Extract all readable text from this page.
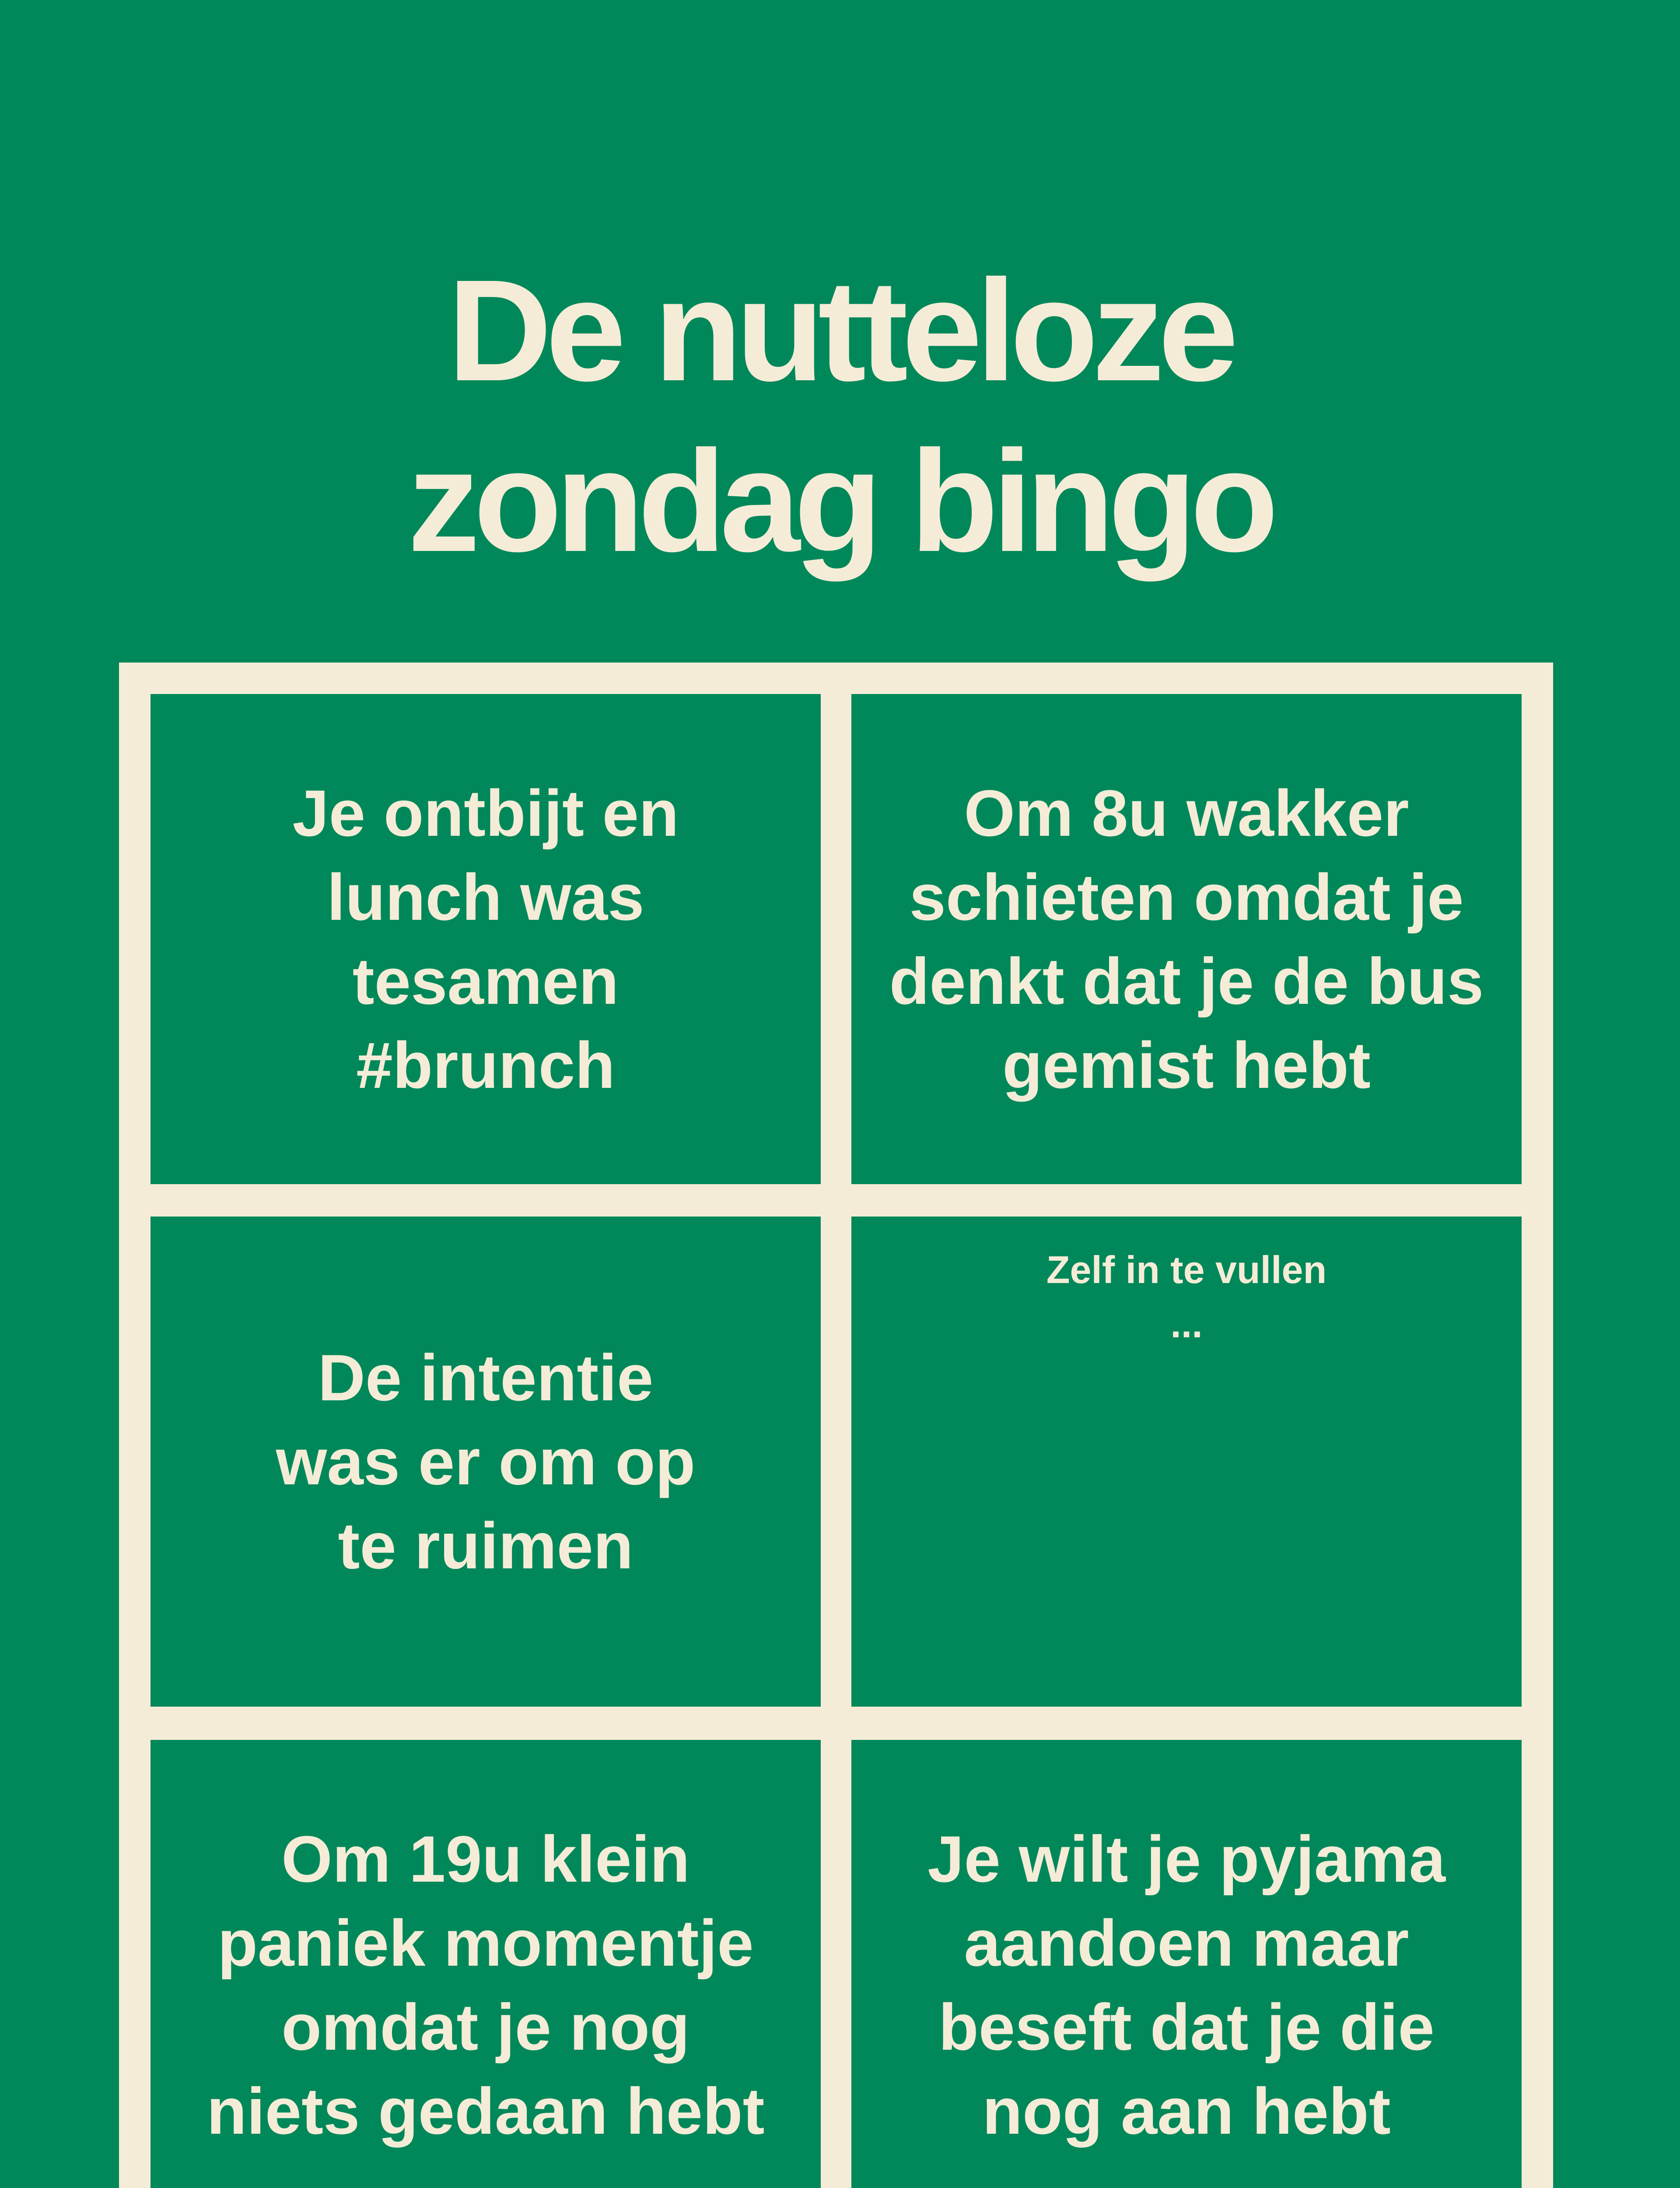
De nutteloze
zondag bingo
Je ontbijt en
lunch was
tesamen
#brunch
Om 8u wakker
schieten omdat je
denkt dat je de bus
gemist hebt
De intentie
was er om op
te ruimen
Zelf in te vullen
...
Om 19u klein
paniek momentje
omdat je nog
niets gedaan hebt
Je wilt je pyjama
aandoen maar
beseft dat je die
nog aan hebt
